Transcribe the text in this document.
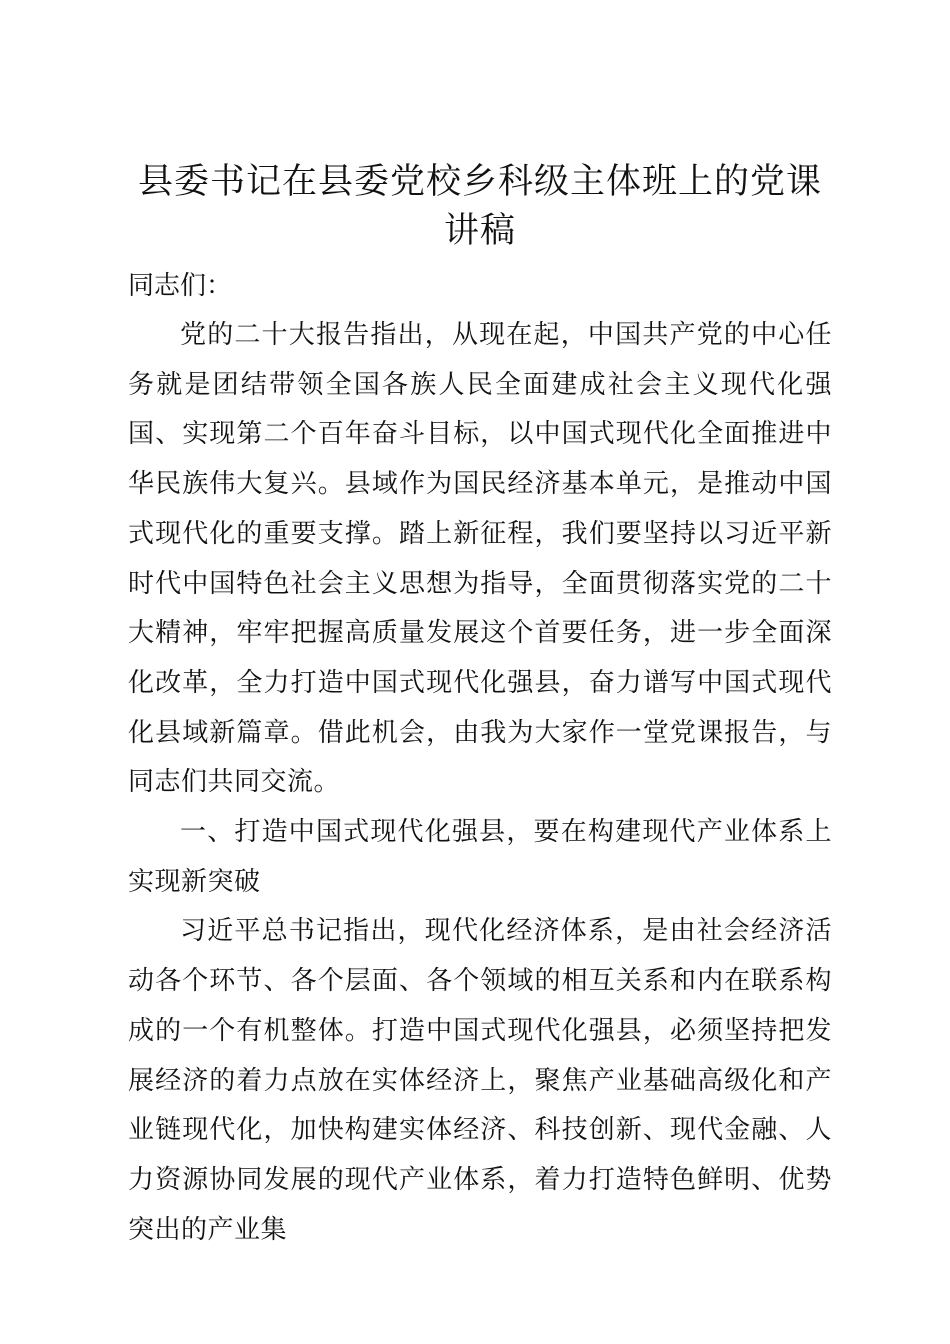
县委书记在县委党校乡科级主体班上的党课讲稿

同志们：

党的二十大报告指出，从现在起，中国共产党的中心任务就是团结带领全国各族人民全面建成社会主义现代化强国、实现第二个百年奋斗目标，以中国式现代化全面推进中华民族伟大复兴。县域作为国民经济基本单元，是推动中国式现代化的重要支撑。踏上新征程，我们要坚持以习近平新时代中国特色社会主义思想为指导，全面贯彻落实党的二十大精神，牢牢把握高质量发展这个首要任务，进一步全面深化改革，全力打造中国式现代化强县，奋力谱写中国式现代化县域新篇章。借此机会，由我为大家作一堂党课报告，与同志们共同交流。

一、打造中国式现代化强县，要在构建现代产业体系上实现新突破

习近平总书记指出，现代化经济体系，是由社会经济活动各个环节、各个层面、各个领域的相互关系和内在联系构成的一个有机整体。打造中国式现代化强县，必须坚持把发展经济的着力点放在实体经济上，聚焦产业基础高级化和产业链现代化，加快构建实体经济、科技创新、现代金融、人力资源协同发展的现代产业体系，着力打造特色鲜明、优势突出的产业集
